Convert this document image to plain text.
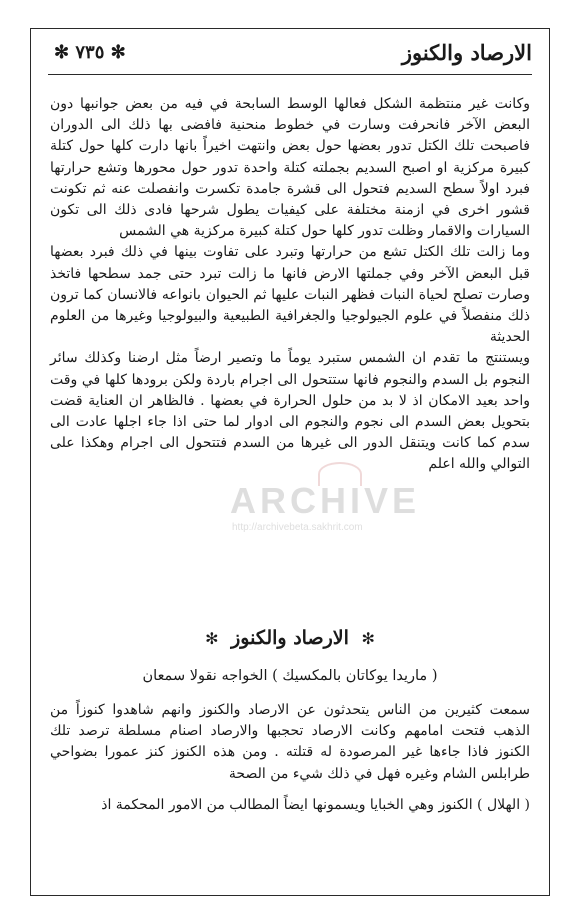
الارصاد والكنوز
✻ ٧٣٥ ✻

وكانت غير منتظمة الشكل فعالها الوسط السابحة في فيه من بعض جوانبها دون البعض الآخر فانحرفت وسارت في خطوط منحنية فافضى بها ذلك الى الدوران فاصبحت تلك الكتل تدور بعضها حول بعض وانتهت اخيراً بانها دارت كلها حول كتلة كبيرة مركزية او اصبح السديم بجملته كتلة واحدة تدور حول محورها وتشع حرارتها فبرد اولاً سطح السديم فتحول الى قشرة جامدة تكسرت وانفصلت عنه ثم تكونت قشور اخرى في ازمنة مختلفة على كيفيات يطول شرحها فادى ذلك الى تكون السيارات والاقمار وظلت تدور كلها حول كتلة كبيرة مركزية هي الشمس

وما زالت تلك الكتل تشع من حرارتها وتبرد على تفاوت بينها في ذلك فبرد بعضها قبل البعض الآخر وفي جملتها الارض فانها ما زالت تبرد حتى جمد سطحها فاتخذ وصارت تصلح لحياة النبات فظهر النبات عليها ثم الحيوان بانواعه فالانسان كما ترون ذلك منفصلاً في علوم الجيولوجيا والجغرافية الطبيعية والبيولوجيا وغيرها من العلوم الحديثة

ويستنتج ما تقدم ان الشمس ستبرد يوماً ما وتصير ارضاً مثل ارضنا وكذلك سائر النجوم بل السدم والنجوم فانها ستتحول الى اجرام باردة ولكن برودها كلها في وقت واحد بعيد الامكان اذ لا بد من حلول الحرارة في بعضها . فالظاهر ان العناية قضت بتحويل بعض السدم الى نجوم والنجوم الى ادوار لما حتى اذا جاء اجلها عادت الى سدم كما كانت ويتنقل الدور الى غيرها من السدم فتتحول الى اجرام وهكذا على التوالي والله اعلم

ARCHIVE
http://archivebeta.sakhrit.com
✻ الارصاد والكنوز ✻
( ماريدا يوكاتان بالمكسيك ) الخواجه نقولا سمعان

سمعت كثيرين من الناس يتحدثون عن الارصاد والكنوز وانهم شاهدوا كنوزاً من الذهب فتحت امامهم وكانت الارصاد تحجبها والارصاد اصنام مسلطة ترصد تلك الكنوز فاذا جاءها غير المرصودة له قتلته . ومن هذه الكنوز كنز عمورا بضواحي طرابلس الشام وغيره فهل في ذلك شيء من الصحة

( الهلال ) الكنوز وهي الخبايا ويسمونها ايضاً المطالب من الامور المحكمة اذ
